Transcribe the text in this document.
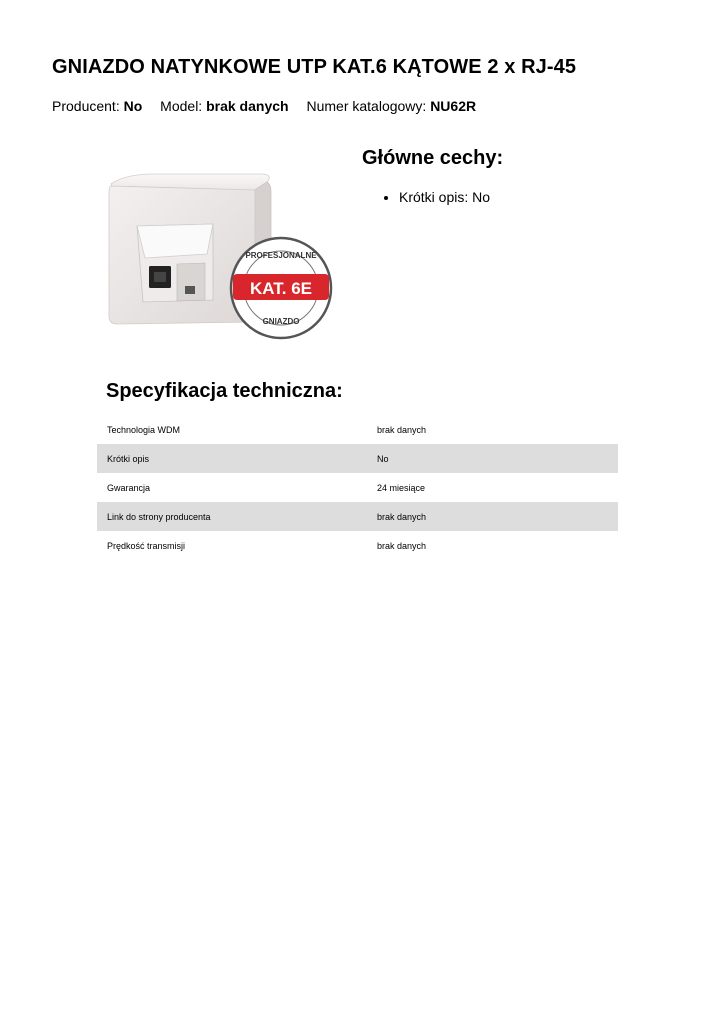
GNIAZDO NATYNKOWE UTP KAT.6 KĄTOWE 2 x RJ-45
Producent: No Model: brak danych Numer katalogowy: NU62R
PROFESJONALNE
KAT. 6E
GNIAZDO
Główne cechy:
• Krótki opis: No
Specyfikacja techniczna:
Technologia WDM	brak danych
Krótki opis	No
Gwarancja	24 miesiące
Link do strony producenta	brak danych
Prędkość transmisji	brak danych
